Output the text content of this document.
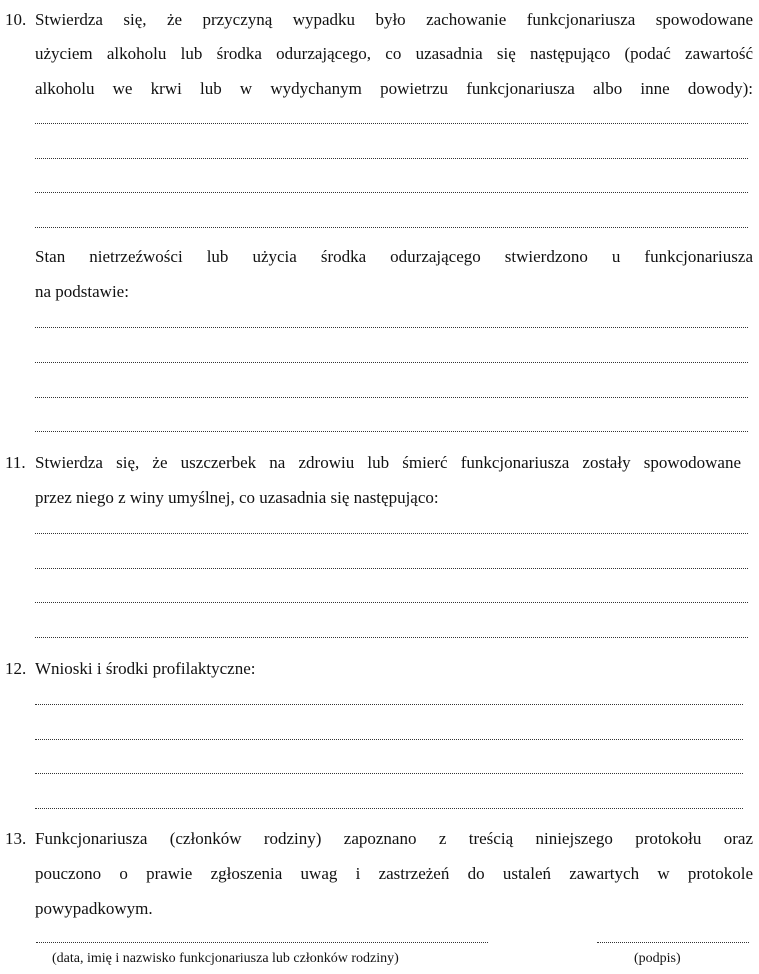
10. Stwierdza się, że przyczyną wypadku było zachowanie funkcjonariusza spowodowane
użyciem alkoholu lub środka odurzającego, co uzasadnia się następująco (podać zawartość
alkoholu we krwi lub w wydychanym powietrzu funkcjonariusza albo inne dowody):
Stan nietrzeźwości lub użycia środka odurzającego stwierdzono u funkcjonariusza
na podstawie:
11. Stwierdza się, że uszczerbek na zdrowiu lub śmierć funkcjonariusza zostały spowodowane
przez niego z winy umyślnej, co uzasadnia się następująco:
12. Wnioski i środki profilaktyczne:
13. Funkcjonariusza (członków rodziny) zapoznano z treścią niniejszego protokołu oraz
pouczono o prawie zgłoszenia uwag i zastrzeżeń do ustaleń zawartych w protokole
powypadkowym.
(data, imię i nazwisko funkcjonariusza lub członków rodziny)	(podpis)
